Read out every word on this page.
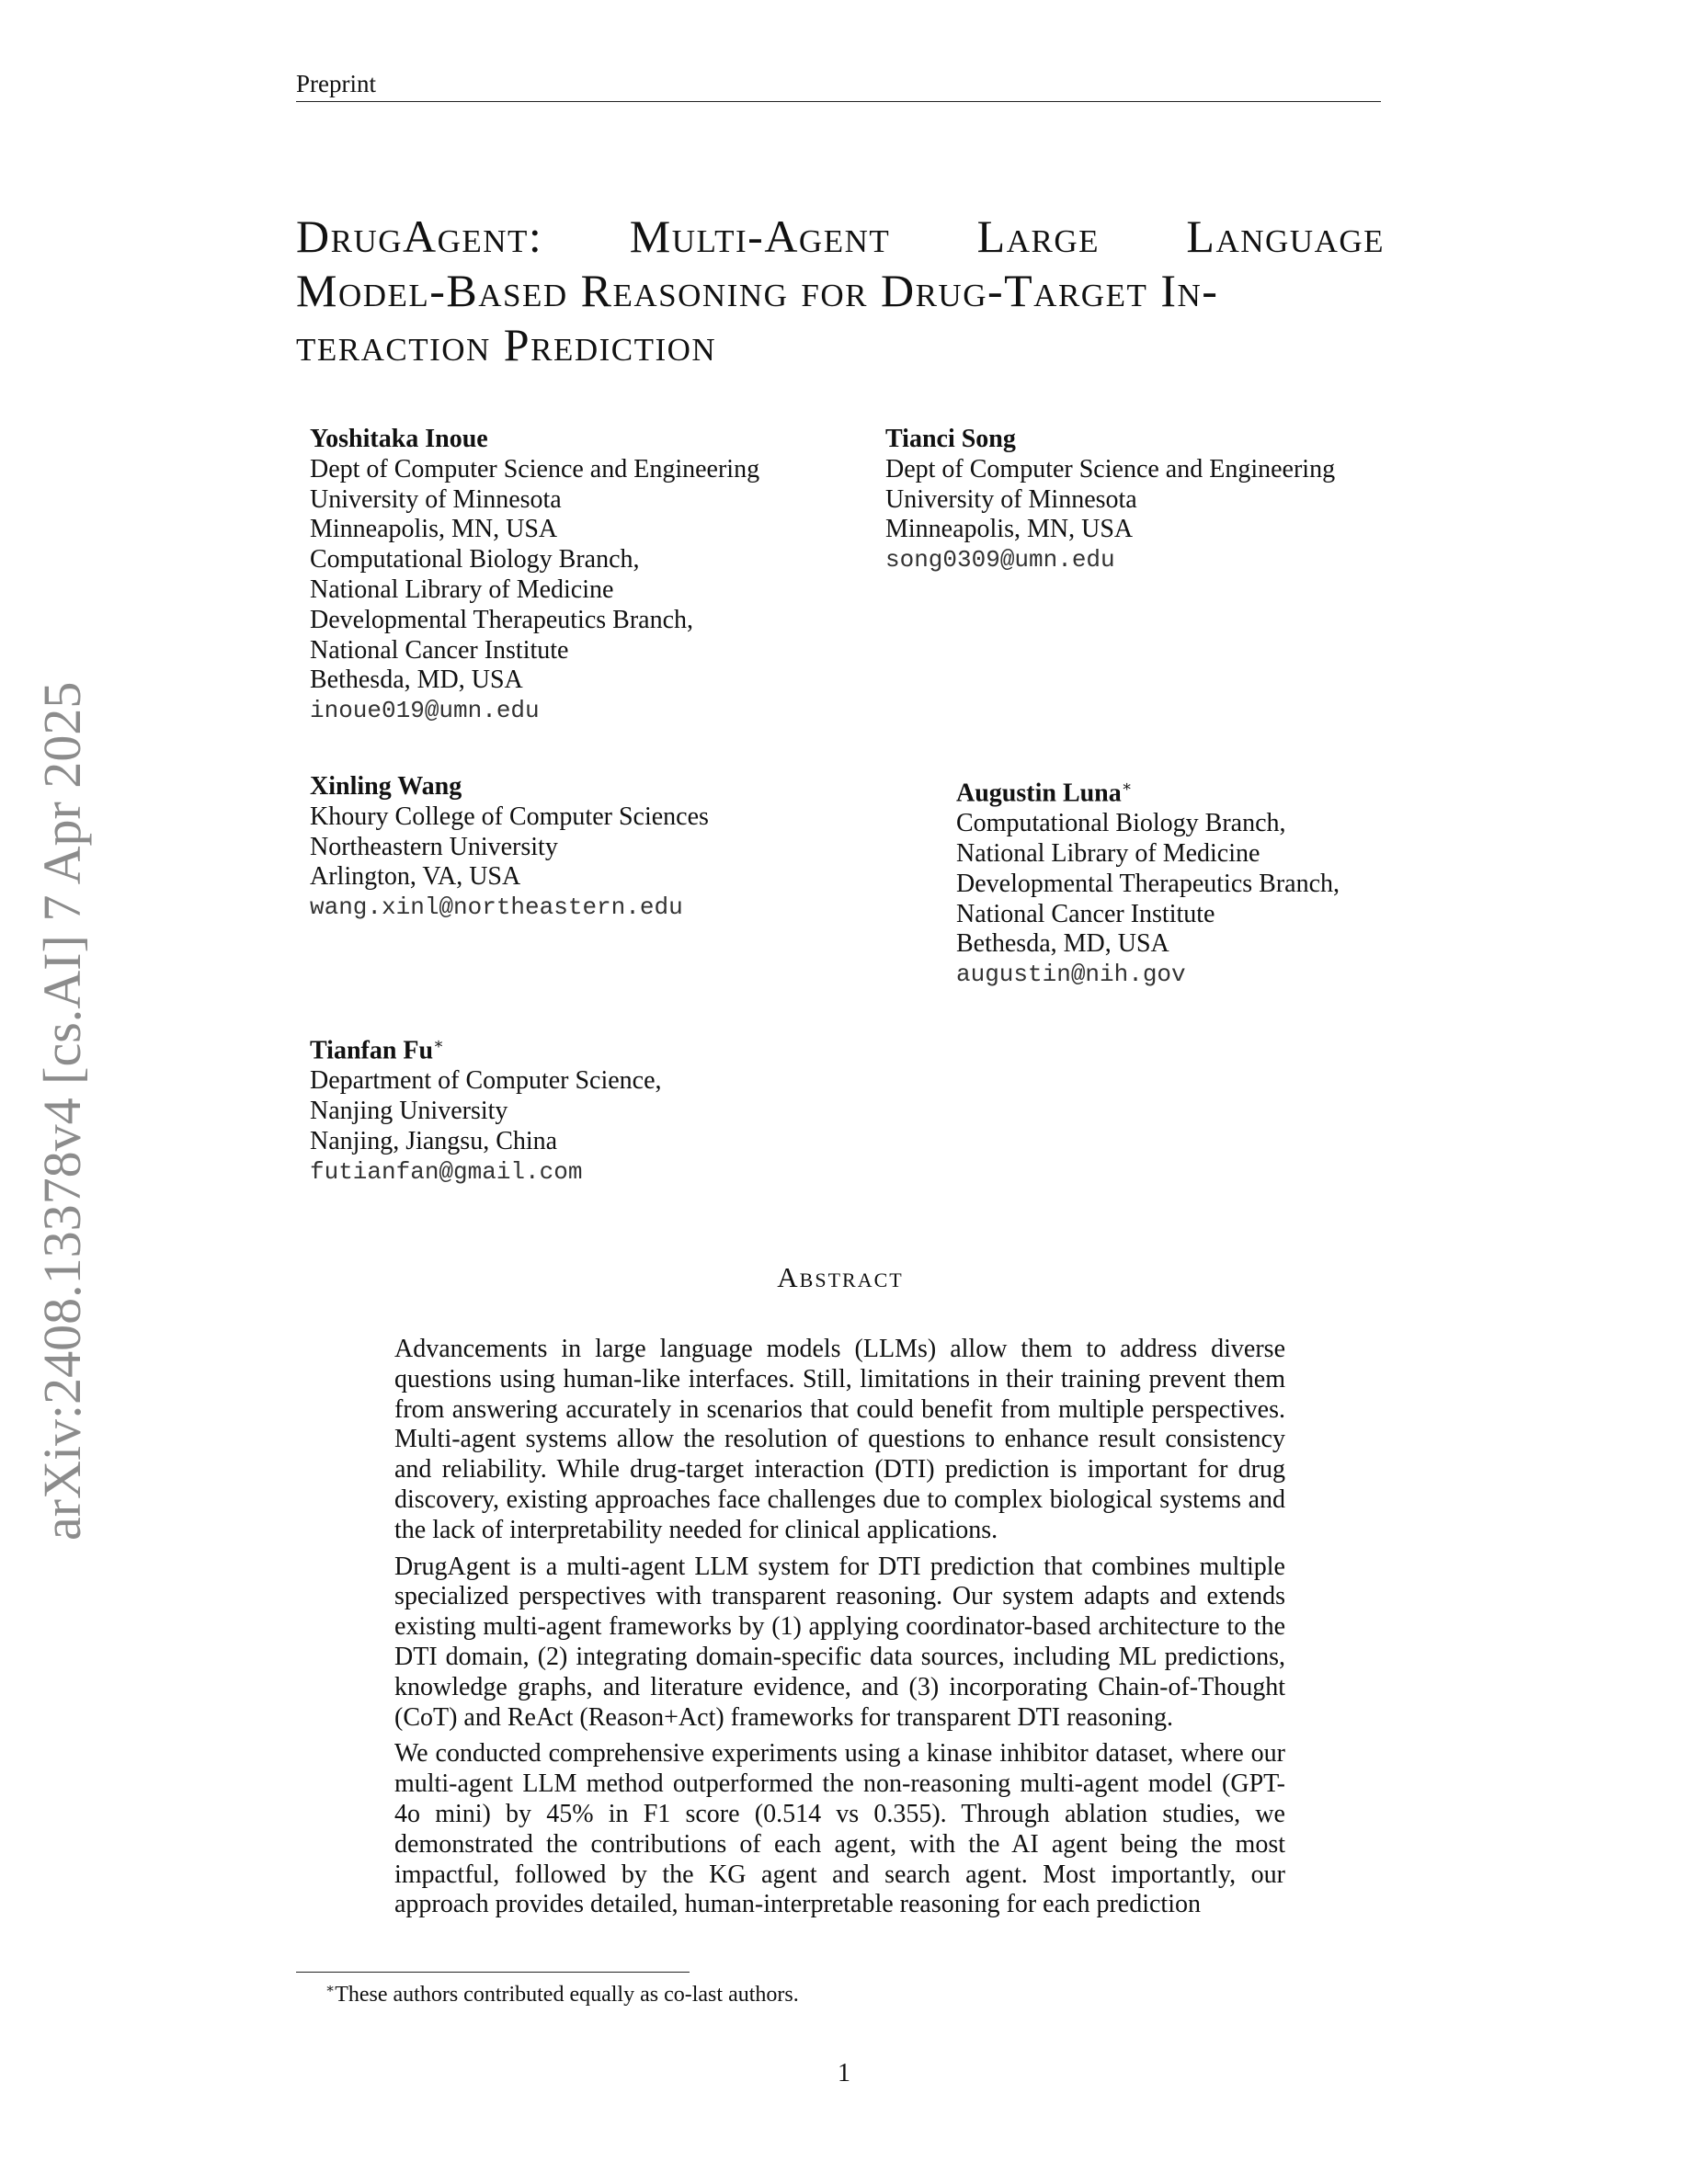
Preprint
arXiv:2408.13378v4 [cs.AI] 7 Apr 2025
DrugAgent: Multi-Agent Large Language
Model-Based Reasoning for Drug-Target In-
teraction Prediction
Yoshitaka Inoue
Dept of Computer Science and Engineering
University of Minnesota
Minneapolis, MN, USA
Computational Biology Branch,
National Library of Medicine
Developmental Therapeutics Branch,
National Cancer Institute
Bethesda, MD, USA
inoue019@umn.edu
Tianci Song
Dept of Computer Science and Engineering
University of Minnesota
Minneapolis, MN, USA
song0309@umn.edu
Xinling Wang
Khoury College of Computer Sciences
Northeastern University
Arlington, VA, USA
wang.xinl@northeastern.edu
Augustin Luna∗
Computational Biology Branch,
National Library of Medicine
Developmental Therapeutics Branch,
National Cancer Institute
Bethesda, MD, USA
augustin@nih.gov
Tianfan Fu∗
Department of Computer Science,
Nanjing University
Nanjing, Jiangsu, China
futianfan@gmail.com
Abstract

Advancements in large language models (LLMs) allow them to address diverse questions using human-like interfaces. Still, limitations in their training prevent them from answering accurately in scenarios that could benefit from multiple perspectives. Multi-agent systems allow the resolution of questions to enhance result consistency and reliability. While drug-target interaction (DTI) prediction is important for drug discovery, existing approaches face challenges due to complex biological systems and the lack of interpretability needed for clinical applications.

DrugAgent is a multi-agent LLM system for DTI prediction that combines multiple specialized perspectives with transparent reasoning. Our system adapts and extends existing multi-agent frameworks by (1) applying coordinator-based architecture to the DTI domain, (2) integrating domain-specific data sources, including ML predictions, knowledge graphs, and literature evidence, and (3) incorporating Chain-of-Thought (CoT) and ReAct (Reason+Act) frameworks for transparent DTI reasoning.

We conducted comprehensive experiments using a kinase inhibitor dataset, where our multi-agent LLM method outperformed the non-reasoning multi-agent model (GPT-4o mini) by 45% in F1 score (0.514 vs 0.355). Through ablation studies, we demonstrated the contributions of each agent, with the AI agent being the most impactful, followed by the KG agent and search agent. Most importantly, our approach provides detailed, human-interpretable reasoning for each prediction

∗These authors contributed equally as co-last authors.
1
